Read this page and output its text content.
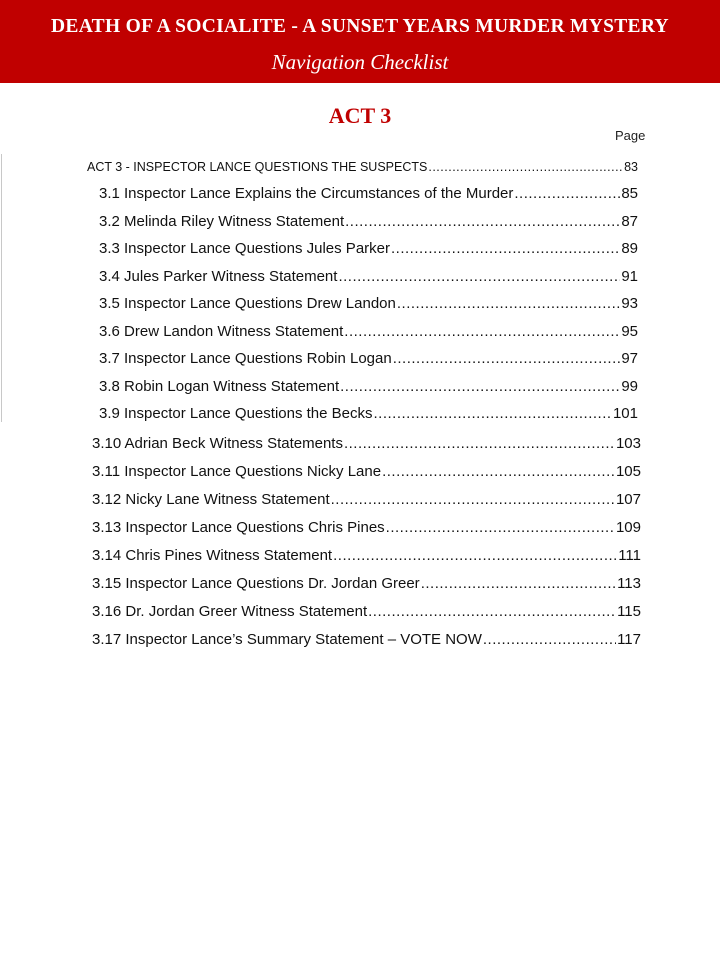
DEATH OF A SOCIALITE - A SUNSET YEARS MURDER MYSTERY
Navigation Checklist
ACT 3
Page
ACT 3 - INSPECTOR LANCE QUESTIONS THE SUSPECTS .....	83
3.1 Inspector Lance Explains the Circumstances of the Murder .....	85
3.2 Melinda Riley Witness Statement .....	87
3.3 Inspector Lance Questions Jules Parker .....	89
3.4 Jules Parker Witness Statement .....	91
3.5 Inspector Lance Questions Drew Landon .....	93
3.6 Drew Landon Witness Statement .....	95
3.7 Inspector Lance Questions Robin Logan .....	97
3.8 Robin Logan Witness Statement .....	99
3.9 Inspector Lance Questions the Becks .....	101
3.10 Adrian Beck Witness Statements .....	103
3.11 Inspector Lance Questions Nicky Lane .....	105
3.12 Nicky Lane Witness Statement .....	107
3.13 Inspector Lance Questions Chris Pines .....	109
3.14 Chris Pines Witness Statement .....	111
3.15 Inspector Lance Questions Dr. Jordan Greer .....	113
3.16 Dr. Jordan Greer Witness Statement .....	115
3.17 Inspector Lance’s Summary Statement – VOTE NOW .....	117
